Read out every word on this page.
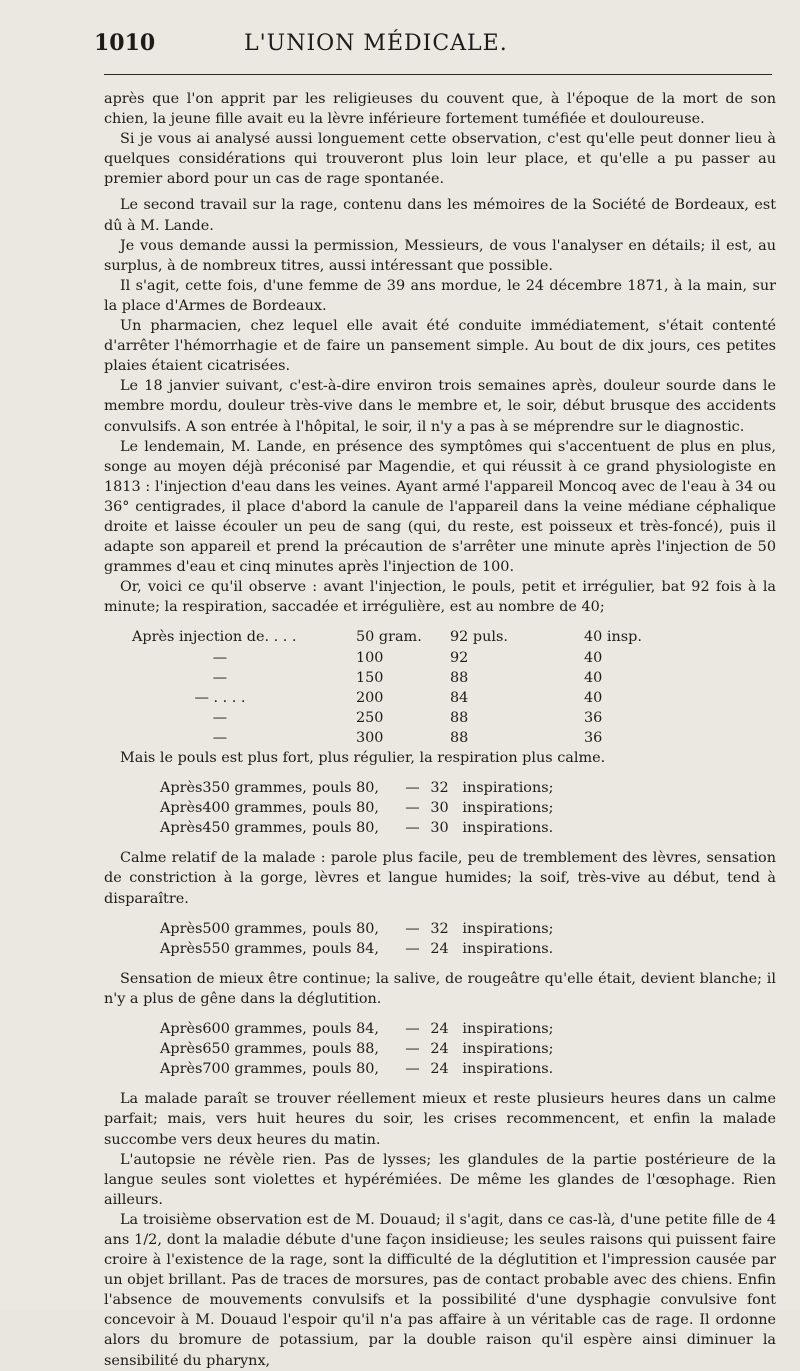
1010	L'UNION MÉDICALE.

après que l'on apprit par les religieuses du couvent que, à l'époque de la mort de son chien, la jeune fille avait eu la lèvre inférieure fortement tuméfiée et douloureuse.

Si je vous ai analysé aussi longuement cette observation, c'est qu'elle peut donner lieu à quelques considérations qui trouveront plus loin leur place, et qu'elle a pu passer au premier abord pour un cas de rage spontanée.

Le second travail sur la rage, contenu dans les mémoires de la Société de Bordeaux, est dû à M. Lande.

Je vous demande aussi la permission, Messieurs, de vous l'analyser en détails; il est, au surplus, à de nombreux titres, aussi intéressant que possible.

Il s'agit, cette fois, d'une femme de 39 ans mordue, le 24 décembre 1871, à la main, sur la place d'Armes de Bordeaux.

Un pharmacien, chez lequel elle avait été conduite immédiatement, s'était contenté d'arrêter l'hémorrhagie et de faire un pansement simple. Au bout de dix jours, ces petites plaies étaient cicatrisées.

Le 18 janvier suivant, c'est-à-dire environ trois semaines après, douleur sourde dans le membre mordu, douleur très-vive dans le membre et, le soir, début brusque des accidents convulsifs. A son entrée à l'hôpital, le soir, il n'y a pas à se méprendre sur le diagnostic.

Le lendemain, M. Lande, en présence des symptômes qui s'accentuent de plus en plus, songe au moyen déjà préconisé par Magendie, et qui réussit à ce grand physiologiste en 1813 : l'injection d'eau dans les veines. Ayant armé l'appareil Moncoq avec de l'eau à 34 ou 36° centigrades, il place d'abord la canule de l'appareil dans la veine médiane céphalique droite et laisse écouler un peu de sang (qui, du reste, est poisseux et très-foncé), puis il adapte son appareil et prend la précaution de s'arrêter une minute après l'injection de 50 grammes d'eau et cinq minutes après l'injection de 100.

Or, voici ce qu'il observe : avant l'injection, le pouls, petit et irrégulier, bat 92 fois à la minute; la respiration, saccadée et irrégulière, est au nombre de 40;

Après injection de. . . .	50 gram.	92 puls.	40 insp.
—	100	92	40
—	150	88	40
— . . . .	200	84	40
—	250	88	36
—	300	88	36

Mais le pouls est plus fort, plus régulier, la respiration plus calme.

Après	350 grammes,	pouls 80,	—	32	inspirations;
Après	400 grammes,	pouls 80,	—	30	inspirations;
Après	450 grammes,	pouls 80,	—	30	inspirations.

Calme relatif de la malade : parole plus facile, peu de tremblement des lèvres, sensation de constriction à la gorge, lèvres et langue humides; la soif, très-vive au début, tend à disparaître.

Après	500 grammes,	pouls 80,	—	32	inspirations;
Après	550 grammes,	pouls 84,	—	24	inspirations.

Sensation de mieux être continue; la salive, de rougeâtre qu'elle était, devient blanche; il n'y a plus de gêne dans la déglutition.

Après	600 grammes,	pouls 84,	—	24	inspirations;
Après	650 grammes,	pouls 88,	—	24	inspirations;
Après	700 grammes,	pouls 80,	—	24	inspirations.

La malade paraît se trouver réellement mieux et reste plusieurs heures dans un calme parfait; mais, vers huit heures du soir, les crises recommencent, et enfin la malade succombe vers deux heures du matin.

L'autopsie ne révèle rien. Pas de lysses; les glandules de la partie postérieure de la langue seules sont violettes et hypérémiées. De même les glandes de l'œsophage. Rien ailleurs.

La troisième observation est de M. Douaud; il s'agit, dans ce cas-là, d'une petite fille de 4 ans 1/2, dont la maladie débute d'une façon insidieuse; les seules raisons qui puissent faire croire à l'existence de la rage, sont la difficulté de la déglutition et l'impression causée par un objet brillant. Pas de traces de morsures, pas de contact probable avec des chiens. Enfin l'absence de mouvements convulsifs et la possibilité d'une dysphagie convulsive font concevoir à M. Douaud l'espoir qu'il n'a pas affaire à un véritable cas de rage. Il ordonne alors du bromure de potassium, par la double raison qu'il espère ainsi diminuer la sensibilité du pharynx,
